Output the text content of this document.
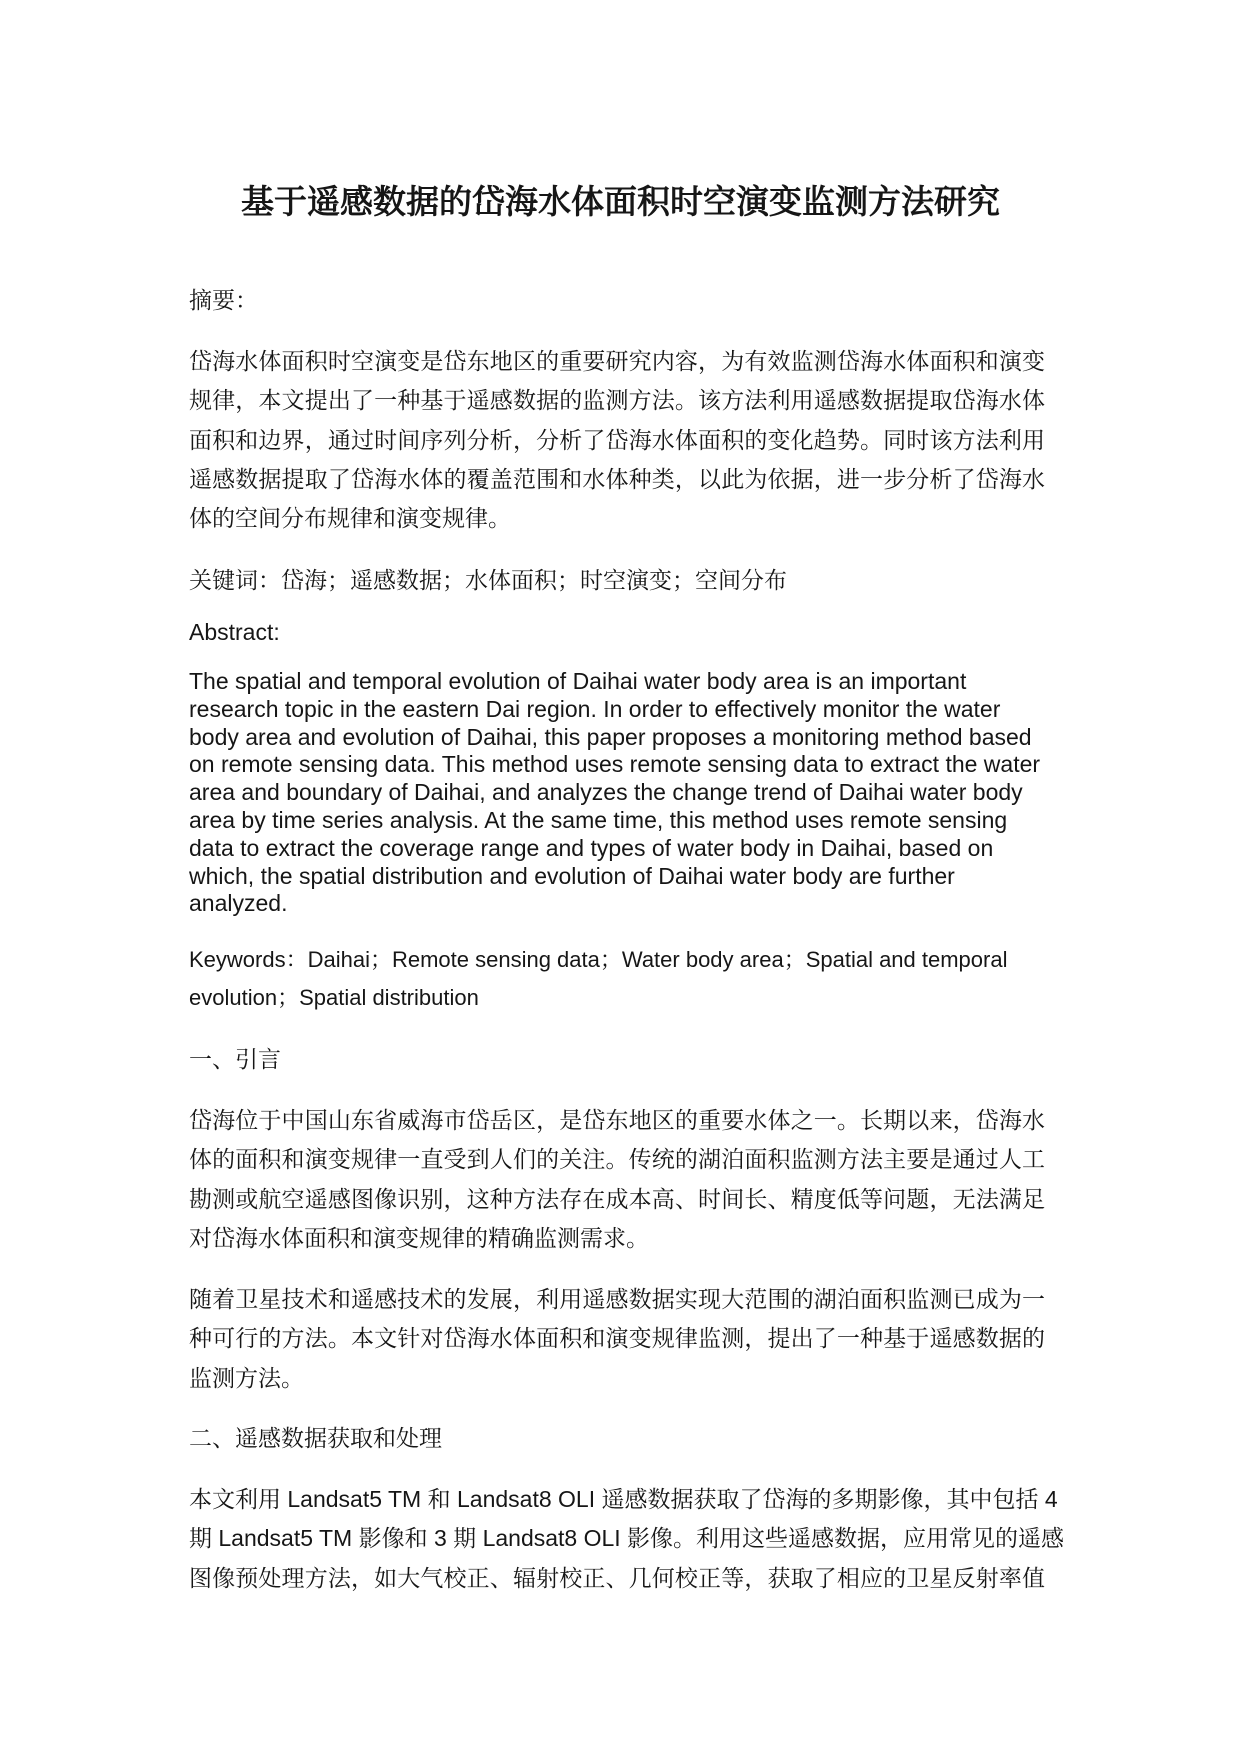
基于遥感数据的岱海水体面积时空演变监测方法研究
摘要：
岱海水体面积时空演变是岱东地区的重要研究内容，为有效监测岱海水体面积和演变
规律，本文提出了一种基于遥感数据的监测方法。该方法利用遥感数据提取岱海水体
面积和边界，通过时间序列分析，分析了岱海水体面积的变化趋势。同时该方法利用
遥感数据提取了岱海水体的覆盖范围和水体种类，以此为依据，进一步分析了岱海水
体的空间分布规律和演变规律。
关键词：岱海；遥感数据；水体面积；时空演变；空间分布
Abstract:
The spatial and temporal evolution of Daihai water body area is an important
research topic in the eastern Dai region. In order to effectively monitor the water
body area and evolution of Daihai, this paper proposes a monitoring method based
on remote sensing data. This method uses remote sensing data to extract the water
area and boundary of Daihai, and analyzes the change trend of Daihai water body
area by time series analysis. At the same time, this method uses remote sensing
data to extract the coverage range and types of water body in Daihai, based on
which, the spatial distribution and evolution of Daihai water body are further
analyzed.
Keywords：Daihai；Remote sensing data；Water body area；Spatial and temporal
evolution；Spatial distribution
一、引言
岱海位于中国山东省威海市岱岳区，是岱东地区的重要水体之一。长期以来，岱海水
体的面积和演变规律一直受到人们的关注。传统的湖泊面积监测方法主要是通过人工
勘测或航空遥感图像识别，这种方法存在成本高、时间长、精度低等问题，无法满足
对岱海水体面积和演变规律的精确监测需求。
随着卫星技术和遥感技术的发展，利用遥感数据实现大范围的湖泊面积监测已成为一
种可行的方法。本文针对岱海水体面积和演变规律监测，提出了一种基于遥感数据的
监测方法。
二、遥感数据获取和处理
本文利用 Landsat5 TM 和 Landsat8 OLI 遥感数据获取了岱海的多期影像，其中包括 4
期 Landsat5 TM 影像和 3 期 Landsat8 OLI 影像。利用这些遥感数据，应用常见的遥感
图像预处理方法，如大气校正、辐射校正、几何校正等，获取了相应的卫星反射率值
